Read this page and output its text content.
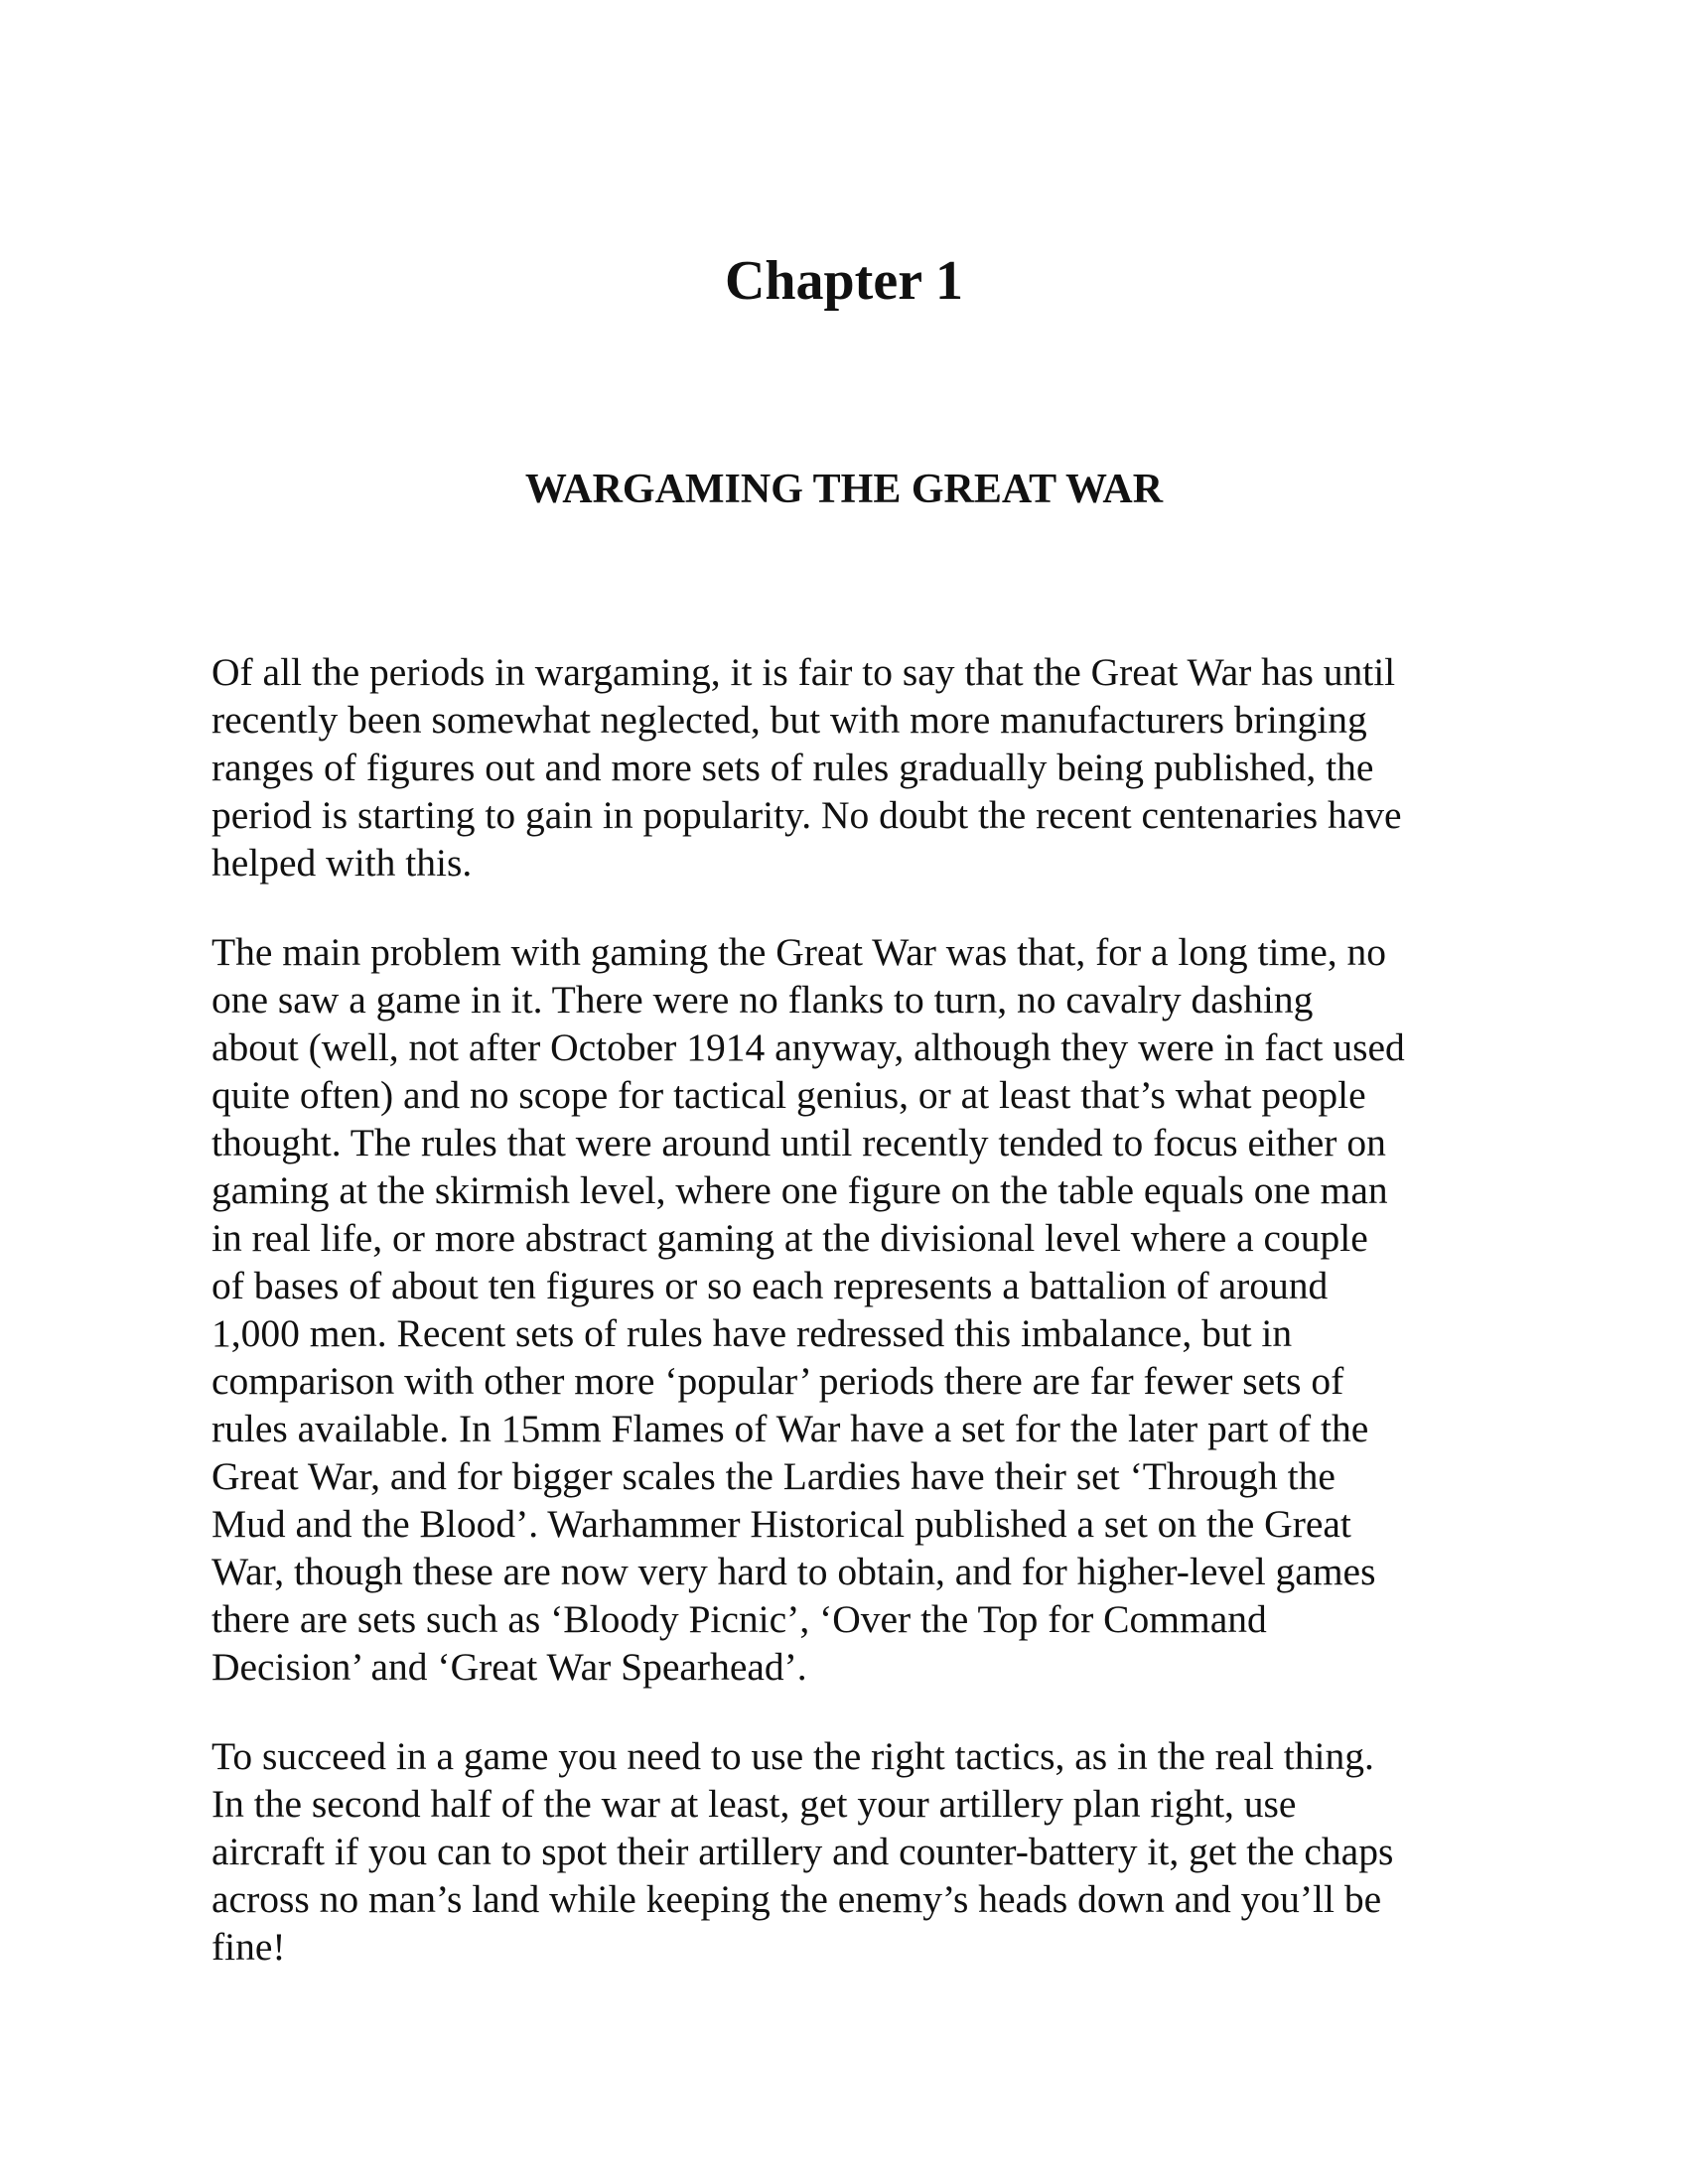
Chapter 1
WARGAMING THE GREAT WAR

Of all the periods in wargaming, it is fair to say that the Great War has until
recently been somewhat neglected, but with more manufacturers bringing
ranges of figures out and more sets of rules gradually being published, the
period is starting to gain in popularity. No doubt the recent centenaries have
helped with this.

The main problem with gaming the Great War was that, for a long time, no
one saw a game in it. There were no flanks to turn, no cavalry dashing
about (well, not after October 1914 anyway, although they were in fact used
quite often) and no scope for tactical genius, or at least that’s what people
thought. The rules that were around until recently tended to focus either on
gaming at the skirmish level, where one figure on the table equals one man
in real life, or more abstract gaming at the divisional level where a couple
of bases of about ten figures or so each represents a battalion of around
1,000 men. Recent sets of rules have redressed this imbalance, but in
comparison with other more ‘popular’ periods there are far fewer sets of
rules available. In 15mm Flames of War have a set for the later part of the
Great War, and for bigger scales the Lardies have their set ‘Through the
Mud and the Blood’. Warhammer Historical published a set on the Great
War, though these are now very hard to obtain, and for higher-level games
there are sets such as ‘Bloody Picnic’, ‘Over the Top for Command
Decision’ and ‘Great War Spearhead’.

To succeed in a game you need to use the right tactics, as in the real thing.
In the second half of the war at least, get your artillery plan right, use
aircraft if you can to spot their artillery and counter-battery it, get the chaps
across no man’s land while keeping the enemy’s heads down and you’ll be
fine!
